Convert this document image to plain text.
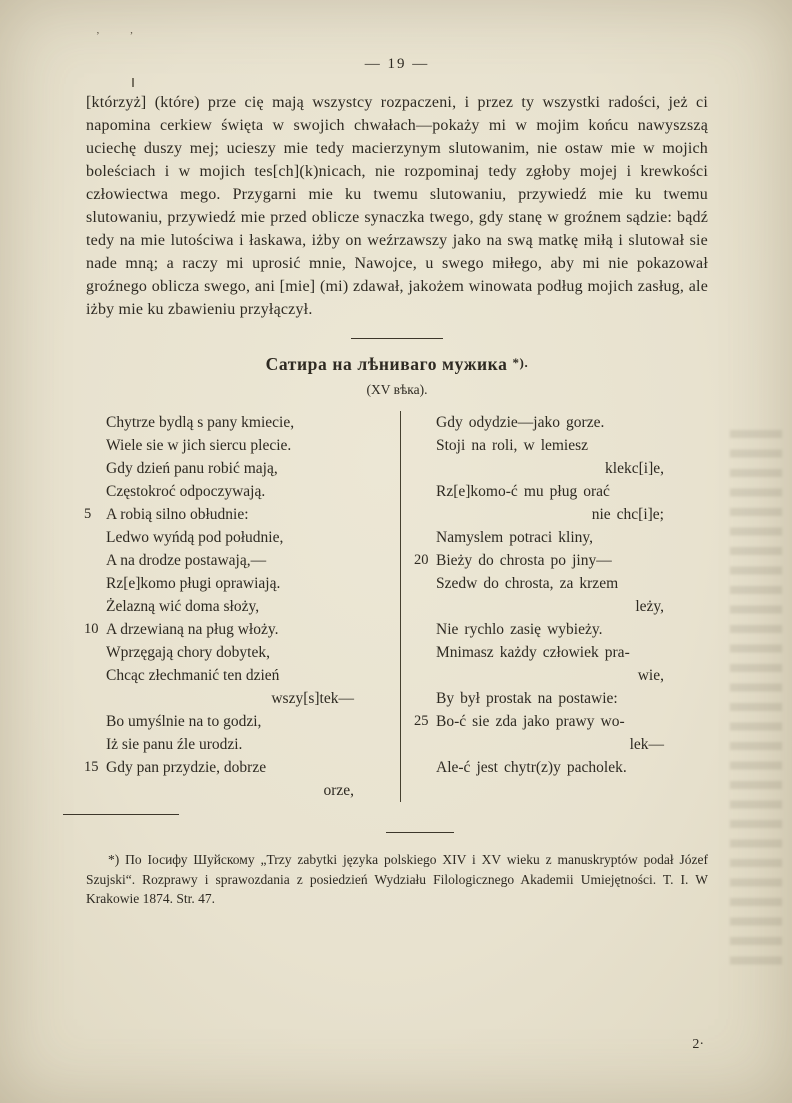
’ ’
— 19 —

[którzyż] (które) prze cię mają wszystcy rozpaczeni, i przez ty wszystki radości, jeż ci napomina cerkiew święta w swojich chwałach—pokaży mi w mojim końcu nawyszszą uciechę duszy mej; ucieszy mie tedy macierzynym slutowanim, nie ostaw mie w mojich boleściach i w mojich tes[ch](k)nicach, nie rozpominaj tedy zgłoby mojej i krewkości człowiectwa mego. Przygarni mie ku twemu slutowaniu, przywiedź mie ku twemu slutowaniu, przywiedź mie przed oblicze synaczka twego, gdy stanę w groźnem sądzie: bądź tedy na mie lutościwa i łaskawa, iżby on weźrzawszy jako na swą matkę miłą i slutował sie nade mną; a raczy mi uprosić mnie, Nawojce, u swego miłego, aby mi nie pokazował groźnego oblicza swego, ani [mie] (mi) zdawał, jakożem winowata podług mojich zasług, ale iżby mie ku zbawieniu przyłączył.

Сатира на лѣниваго мужика *).
(XV вѣка).
Chytrze bydlą s pany kmiecie,
Wiele sie w jich siercu plecie.
Gdy dzień panu robić mają,
Częstokroć odpoczywają.
5 A robią silno obłudnie:
Ledwo wyńdą pod południe,
A na drodze postawają,—
Rz[e]komo pługi oprawiają.
Żelazną wić doma słoży,
10 A drzewianą na pług włoży.
Wprzęgają chory dobytek,
Chcąc złechmanić ten dzień
wszy[s]tek—
Bo umyślnie na to godzi,
Iż sie panu źle urodzi.
15 Gdy pan przydzie, dobrze
orze,
Gdy odydzie—jako gorze.
Stoji na roli, w lemiesz
klekc[i]e,
Rz[e]komo-ć mu pług orać
nie chc[i]e;
Namyslem potraci kliny,
20 Bieży do chrosta po jiny—
Szedw do chrosta, za krzem
leży,
Nie rychlo zasię wybieży.
Mnimasz każdy człowiek pra-
wie,
By był prostak na postawie:
25 Bo-ć sie zda jako prawy wo-
lek—
Ale-ć jest chytr(z)y pacholek.

*) По Іосифу Шуйскому „Trzy zabytki języka polskiego XIV i XV wieku z manuskryptów podał Józef Szujski“. Rozprawy i sprawozdania z posiedzień Wydziału Filologicznego Akademii Umiejętności. T. I. W Krakowie 1874. Str. 47.

2·
